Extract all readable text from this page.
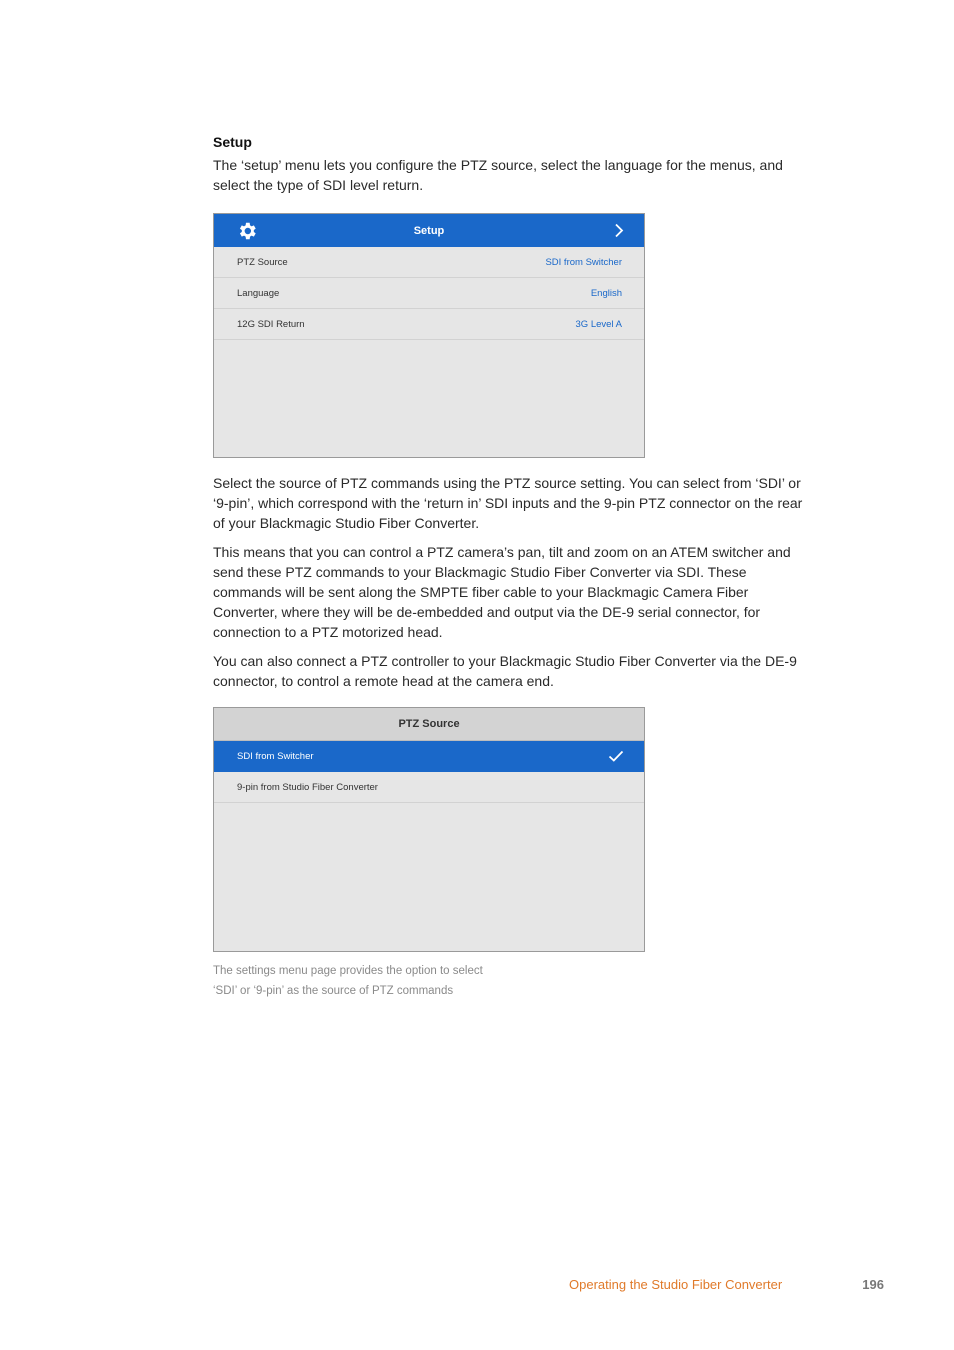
Setup

The ‘setup’ menu lets you configure the PTZ source, select the language for the menus, and select the type of SDI level return.

Setup
PTZ Source	SDI from Switcher
Language	English
12G SDI Return	3G Level A

Select the source of PTZ commands using the PTZ source setting. You can select from ‘SDI’ or ‘9-pin’, which correspond with the ‘return in’ SDI inputs and the 9-pin PTZ connector on the rear of your Blackmagic Studio Fiber Converter.

This means that you can control a PTZ camera’s pan, tilt and zoom on an ATEM switcher and send these PTZ commands to your Blackmagic Studio Fiber Converter via SDI. These commands will be sent along the SMPTE fiber cable to your Blackmagic Camera Fiber Converter, where they will be de-embedded and output via the DE-9 serial connector, for connection to a PTZ motorized head.

You can also connect a PTZ controller to your Blackmagic Studio Fiber Converter via the DE-9 connector, to control a remote head at the camera end.

PTZ Source
SDI from Switcher
9-pin from Studio Fiber Converter

The settings menu page provides the option to select
‘SDI’ or ‘9-pin’ as the source of PTZ commands

Operating the Studio Fiber Converter	196
